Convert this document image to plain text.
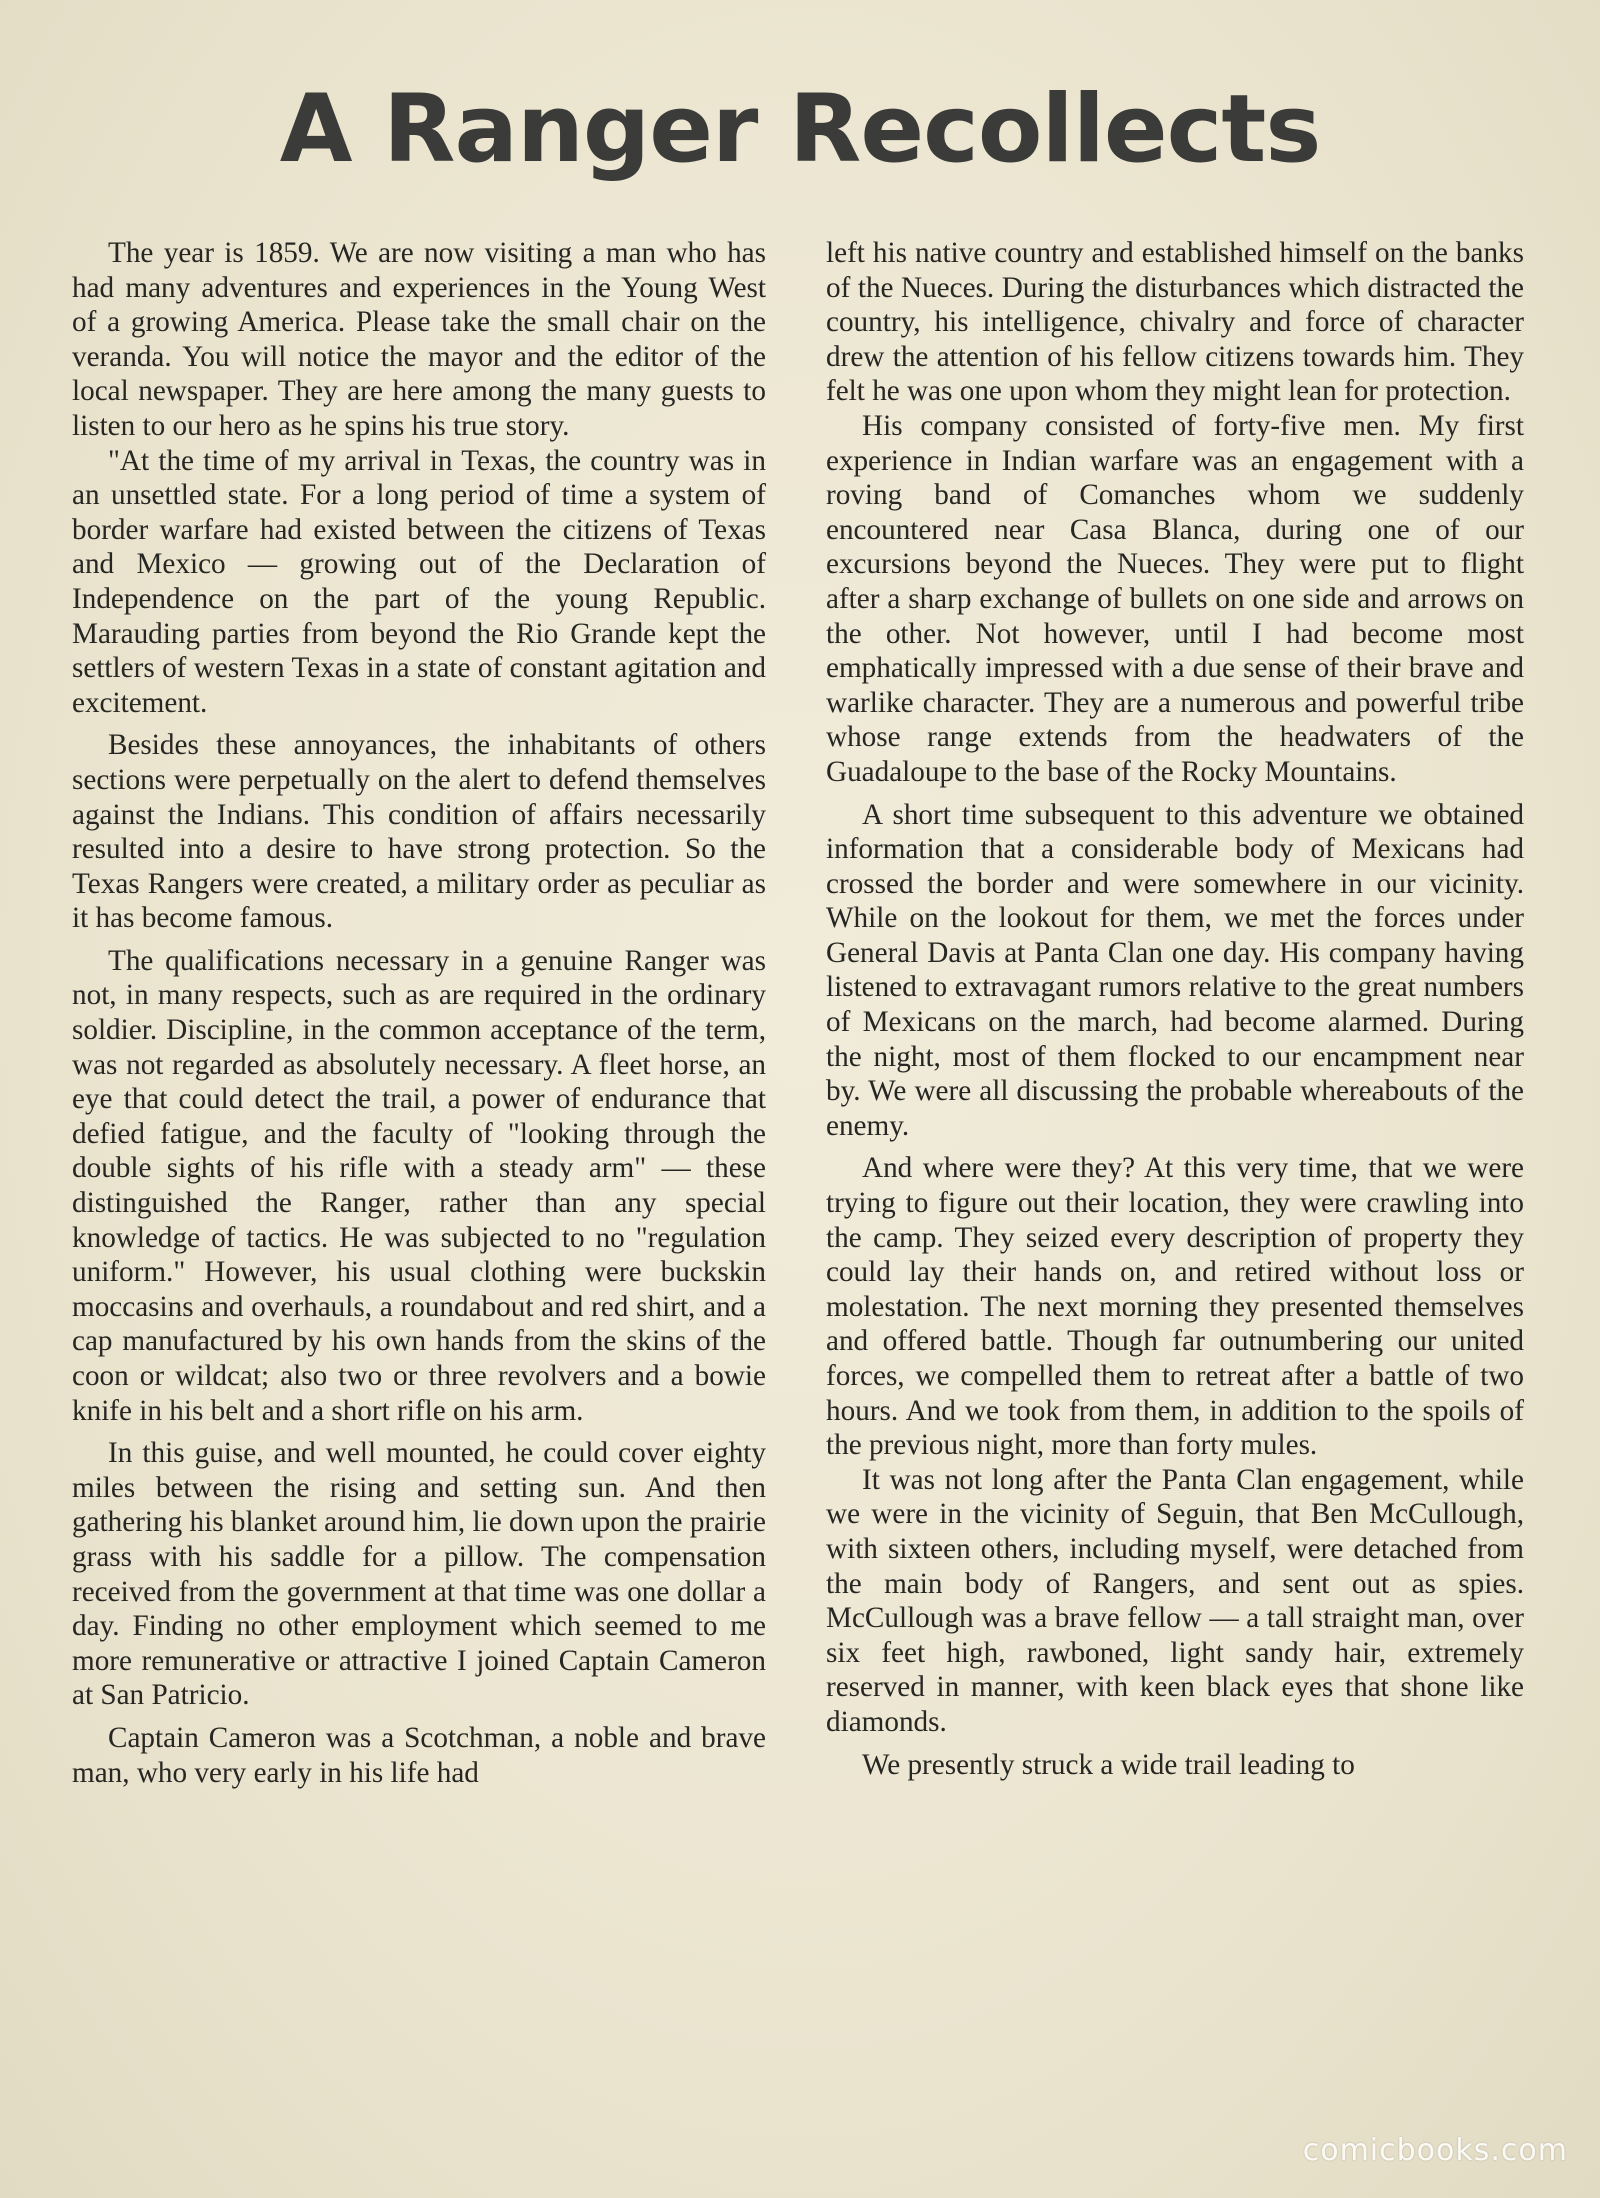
A Ranger Recollects

The year is 1859. We are now visiting a man who has had many adventures and experiences in the Young West of a growing America. Please take the small chair on the veranda. You will notice the mayor and the editor of the local newspaper. They are here among the many guests to listen to our hero as he spins his true story.

"At the time of my arrival in Texas, the country was in an unsettled state. For a long period of time a system of border warfare had existed between the citizens of Texas and Mexico — growing out of the Declaration of Independence on the part of the young Republic. Marauding parties from beyond the Rio Grande kept the settlers of western Texas in a state of constant agitation and excitement.

Besides these annoyances, the inhabitants of others sections were perpetually on the alert to defend themselves against the Indians. This condition of affairs necessarily resulted into a desire to have strong protection. So the Texas Rangers were created, a military order as peculiar as it has become famous.

The qualifications necessary in a genuine Ranger was not, in many respects, such as are required in the ordinary soldier. Discipline, in the common acceptance of the term, was not regarded as absolutely necessary. A fleet horse, an eye that could detect the trail, a power of endurance that defied fatigue, and the faculty of "looking through the double sights of his rifle with a steady arm" — these distinguished the Ranger, rather than any special knowledge of tactics. He was subjected to no "regulation uniform." However, his usual clothing were buckskin moccasins and overhauls, a roundabout and red shirt, and a cap manufactured by his own hands from the skins of the coon or wildcat; also two or three revolvers and a bowie knife in his belt and a short rifle on his arm.

In this guise, and well mounted, he could cover eighty miles between the rising and setting sun. And then gathering his blanket around him, lie down upon the prairie grass with his saddle for a pillow. The compensation received from the government at that time was one dollar a day. Finding no other employment which seemed to me more remunerative or attractive I joined Captain Cameron at San Patricio.

Captain Cameron was a Scotchman, a noble and brave man, who very early in his life had

left his native country and established himself on the banks of the Nueces. During the disturbances which distracted the country, his intelligence, chivalry and force of character drew the attention of his fellow citizens towards him. They felt he was one upon whom they might lean for protection.

His company consisted of forty-five men. My first experience in Indian warfare was an engagement with a roving band of Comanches whom we suddenly encountered near Casa Blanca, during one of our excursions beyond the Nueces. They were put to flight after a sharp exchange of bullets on one side and arrows on the other. Not however, until I had become most emphatically impressed with a due sense of their brave and warlike character. They are a numerous and powerful tribe whose range extends from the headwaters of the Guadaloupe to the base of the Rocky Mountains.

A short time subsequent to this adventure we obtained information that a considerable body of Mexicans had crossed the border and were somewhere in our vicinity. While on the lookout for them, we met the forces under General Davis at Panta Clan one day. His company having listened to extravagant rumors relative to the great numbers of Mexicans on the march, had become alarmed. During the night, most of them flocked to our encampment near by. We were all discussing the probable whereabouts of the enemy.

And where were they? At this very time, that we were trying to figure out their location, they were crawling into the camp. They seized every description of property they could lay their hands on, and retired without loss or molestation. The next morning they presented themselves and offered battle. Though far outnumbering our united forces, we compelled them to retreat after a battle of two hours. And we took from them, in addition to the spoils of the previous night, more than forty mules.

It was not long after the Panta Clan engagement, while we were in the vicinity of Seguin, that Ben McCullough, with sixteen others, including myself, were detached from the main body of Rangers, and sent out as spies. McCullough was a brave fellow — a tall straight man, over six feet high, rawboned, light sandy hair, extremely reserved in manner, with keen black eyes that shone like diamonds.

We presently struck a wide trail leading to

comicbooks.com
